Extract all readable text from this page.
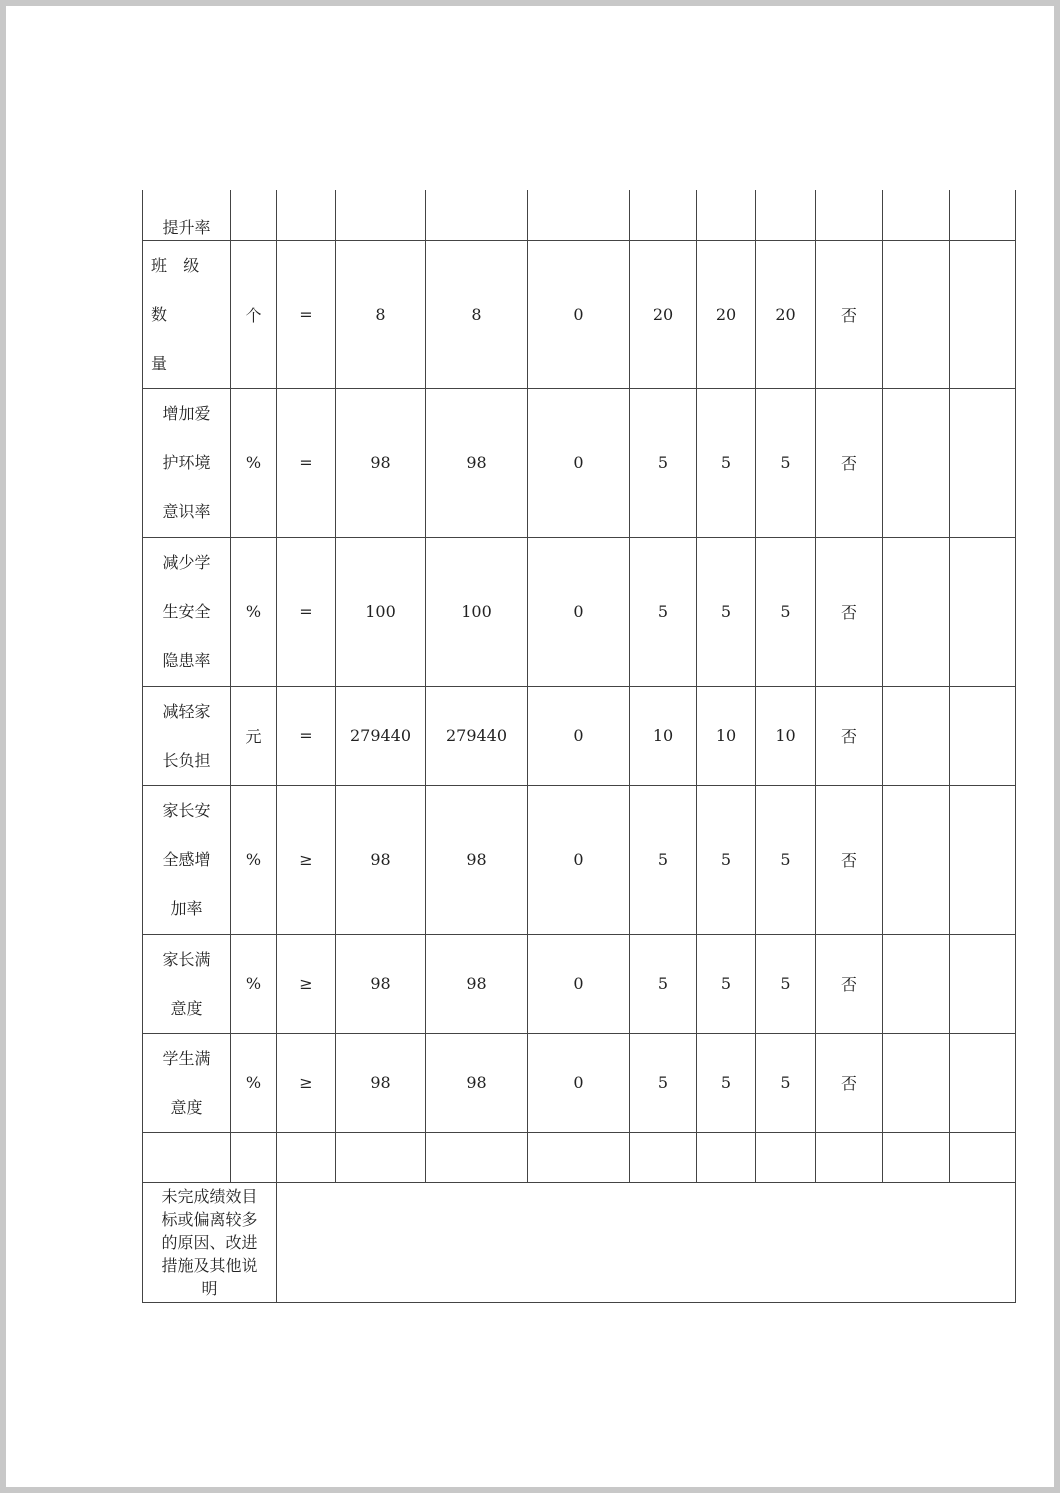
提升率											

班 级 数
量	个	=	8	8	0	20	20	20	否		

增加爱
护环境
意识率	%	=	98	98	0	5	5	5	否		

减少学
生安全
隐患率	%	=	100	100	0	5	5	5	否		

减轻家
长负担	元	=	279440	279440	0	10	10	10	否		

家长安
全感增
加率	%	≥	98	98	0	5	5	5	否		

家长满
意度	%	≥	98	98	0	5	5	5	否		

学生满
意度	%	≥	98	98	0	5	5	5	否		

未完成绩效目
标或偏离较多
的原因、改进
措施及其他说
明											
